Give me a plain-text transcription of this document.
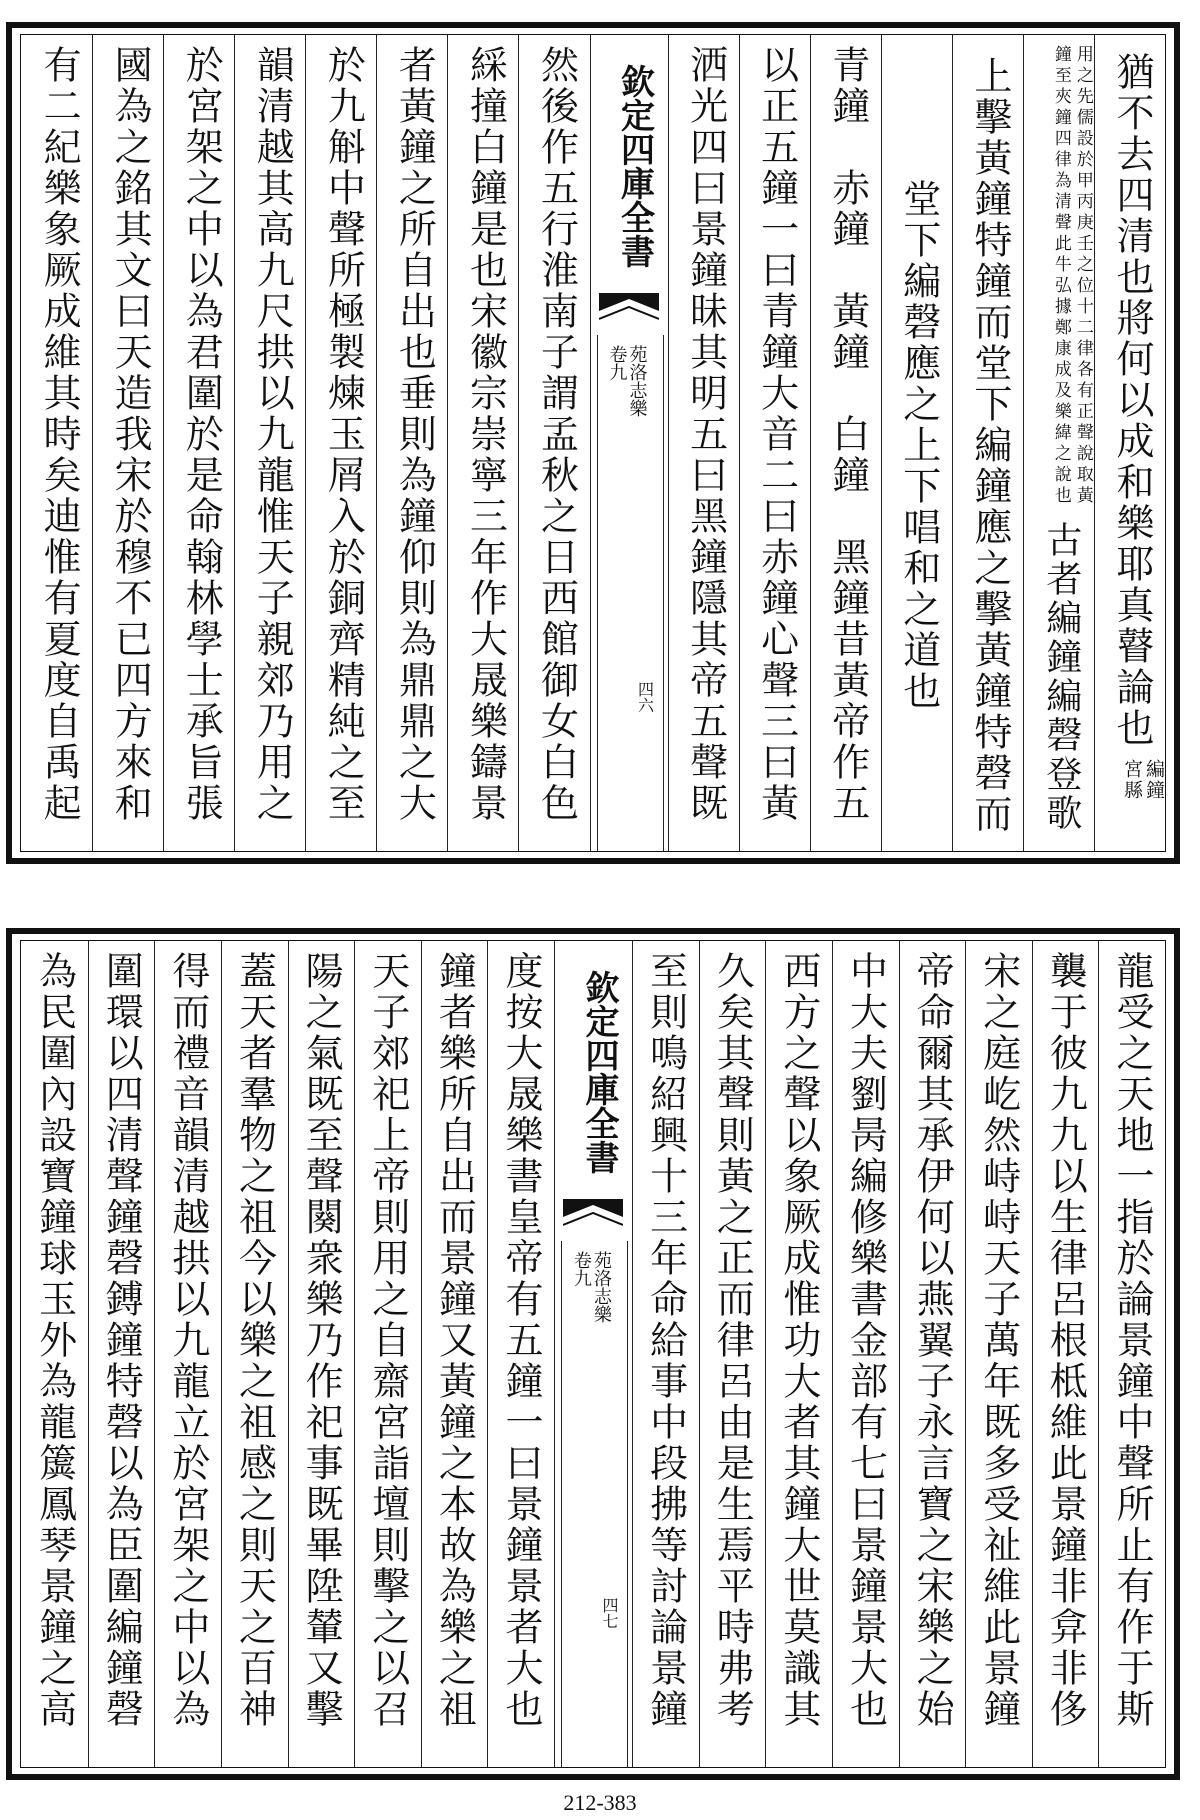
編鐘 宮縣
猶不去四清也將何以成和樂耶真瞽論也
用之先儒設於甲丙庚壬之位十二律各有正聲說取黃鐘至夾鐘四律為清聲此牛弘據鄭康成及樂緯之說也
古者編鐘編磬登歌
上擊黃鐘特鐘而堂下編鐘應之擊黃鐘特磬而
堂下編磬應之上下唱和之道也
青鐘　赤鐘　黃鐘　白鐘　黑鐘昔黃帝作五
以正五鐘一曰青鐘大音二曰赤鐘心聲三曰黃
洒光四曰景鐘昧其明五曰黑鐘隱其帝五聲既
欽定四庫全書
苑洛志樂 卷九
四六
然後作五行淮南子謂孟秋之日西館御女白色
綵撞白鐘是也宋徽宗崇寧三年作大晟樂鑄景
者黃鐘之所自出也垂則為鐘仰則為鼎鼎之大
於九斛中聲所極製煉玉屑入於銅齊精純之至
韻清越其高九尺拱以九龍惟天子親郊乃用之
於宮架之中以為君圍於是命翰林學士承旨張
國為之銘其文曰天造我宋於穆不已四方來和
有二紀樂象厥成維其時矣迪惟有夏度自禹起
龍受之天地一指於論景鐘中聲所止有作于斯
襲于彼九九以生律呂根柢維此景鐘非弇非侈
宋之庭屹然峙峙天子萬年既多受祉維此景鐘
帝命爾其承伊何以燕翼子永言寶之宋樂之始
中大夫劉昺編修樂書金部有七曰景鐘景大也
西方之聲以象厥成惟功大者其鐘大世莫識其
久矣其聲則黃之正而律呂由是生焉平時弗考
至則鳴紹興十三年命給事中段拂等討論景鐘
欽定四庫全書
苑洛志樂 卷九
四七
度按大晟樂書皇帝有五鐘一曰景鐘景者大也
鐘者樂所自出而景鐘又黃鐘之本故為樂之祖
天子郊祀上帝則用之自齋宮詣壇則擊之以召
陽之氣既至聲闋衆樂乃作祀事既畢陞輦又擊
蓋天者羣物之祖今以樂之祖感之則天之百神
得而禮音韻清越拱以九龍立於宮架之中以為
圍環以四清聲鐘磬鎛鐘特磬以為臣圍編鐘磬
為民圍內設寶鐘球玉外為龍簴鳳琴景鐘之高
212-383
